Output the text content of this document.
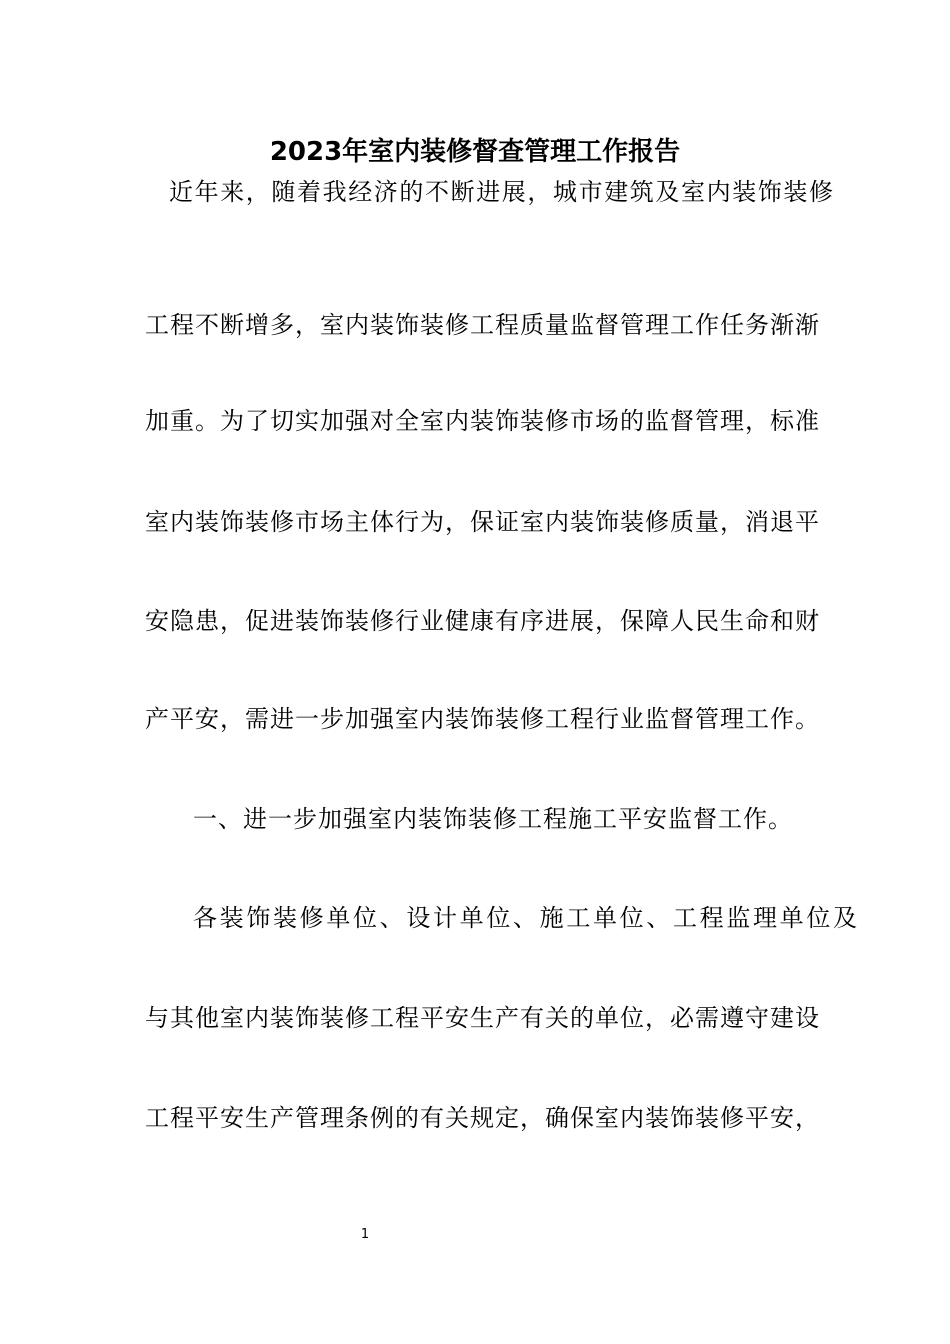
2023年室内装修督查管理工作报告
近年来，随着我经济的不断进展，城市建筑及室内装饰装修
工程不断增多，室内装饰装修工程质量监督管理工作任务渐渐
加重。为了切实加强对全室内装饰装修市场的监督管理，标准
室内装饰装修市场主体行为，保证室内装饰装修质量，消退平
安隐患，促进装饰装修行业健康有序进展，保障人民生命和财
产平安，需进一步加强室内装饰装修工程行业监督管理工作。
一、进一步加强室内装饰装修工程施工平安监督工作。
各装饰装修单位、设计单位、施工单位、工程监理单位及
与其他室内装饰装修工程平安生产有关的单位，必需遵守建设
工程平安生产管理条例的有关规定，确保室内装饰装修平安，
1
